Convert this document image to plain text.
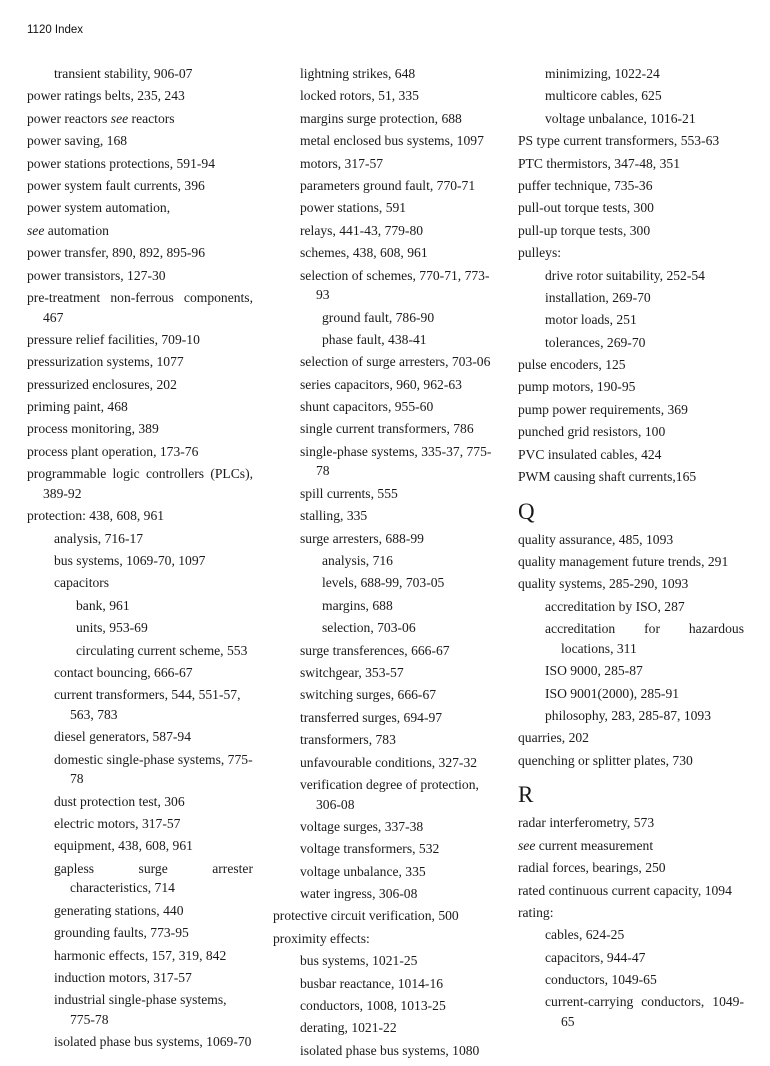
1120 Index
transient stability, 906-07
power ratings belts, 235, 243
power reactors see reactors
power saving, 168
power stations protections, 591-94
power system fault currents, 396
power system automation,
see automation
power transfer, 890, 892, 895-96
power transistors, 127-30
pre-treatment non-ferrous components, 467
pressure relief facilities, 709-10
pressurization systems, 1077
pressurized enclosures, 202
priming paint, 468
process monitoring, 389
process plant operation, 173-76
programmable logic controllers (PLCs), 389-92
protection: 438, 608, 961
analysis, 716-17
bus systems, 1069-70, 1097
capacitors
bank, 961
units, 953-69
circulating current scheme, 553
contact bouncing, 666-67
current transformers, 544, 551-57, 563, 783
diesel generators, 587-94
domestic single-phase systems, 775-78
dust protection test, 306
electric motors, 317-57
equipment, 438, 608, 961
gapless surge arrester characteristics, 714
generating stations, 440
grounding faults, 773-95
harmonic effects, 157, 319, 842
induction motors, 317-57
industrial single-phase systems, 775-78
isolated phase bus systems, 1069-70
lightning strikes, 648
locked rotors, 51, 335
margins surge protection, 688
metal enclosed bus systems, 1097
motors, 317-57
parameters ground fault, 770-71
power stations, 591
relays, 441-43, 779-80
schemes, 438, 608, 961
selection of schemes, 770-71, 773-93
ground fault, 786-90
phase fault, 438-41
selection of surge arresters, 703-06
series capacitors, 960, 962-63
shunt capacitors, 955-60
single current transformers, 786
single-phase systems, 335-37, 775-78
spill currents, 555
stalling, 335
surge arresters, 688-99
analysis, 716
levels, 688-99, 703-05
margins, 688
selection, 703-06
surge transferences, 666-67
switchgear, 353-57
switching surges, 666-67
transferred surges, 694-97
transformers, 783
unfavourable conditions, 327-32
verification degree of protection, 306-08
voltage surges, 337-38
voltage transformers, 532
voltage unbalance, 335
water ingress, 306-08
protective circuit verification, 500
proximity effects:
bus systems, 1021-25
busbar reactance, 1014-16
conductors, 1008, 1013-25
derating, 1021-22
isolated phase bus systems, 1080
minimizing, 1022-24
multicore cables, 625
voltage unbalance, 1016-21
PS type current transformers, 553-63
PTC thermistors, 347-48, 351
puffer technique, 735-36
pull-out torque tests, 300
pull-up torque tests, 300
pulleys:
drive rotor suitability, 252-54
installation, 269-70
motor loads, 251
tolerances, 269-70
pulse encoders, 125
pump motors, 190-95
pump power requirements, 369
punched grid resistors, 100
PVC insulated cables, 424
PWM causing shaft currents,165
Q
quality assurance, 485, 1093
quality management future trends, 291
quality systems, 285-290, 1093
accreditation by ISO, 287
accreditation for hazardous locations, 311
ISO 9000, 285-87
ISO 9001(2000), 285-91
philosophy, 283, 285-87, 1093
quarries, 202
quenching or splitter plates, 730
R
radar interferometry, 573
see current measurement
radial forces, bearings, 250
rated continuous current capacity, 1094
rating:
cables, 624-25
capacitors, 944-47
conductors, 1049-65
current-carrying conductors, 1049-65
